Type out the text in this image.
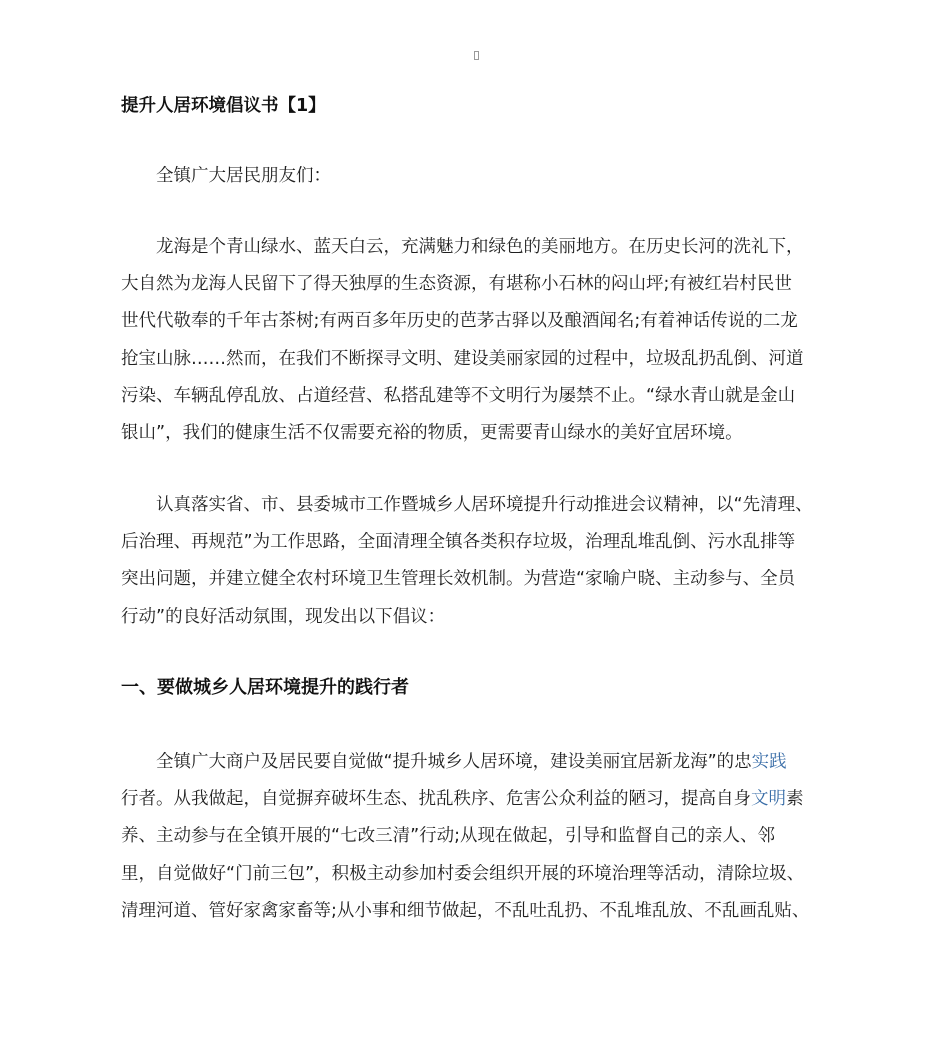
提升人居环境倡议书【1】
全镇广大居民朋友们：
龙海是个青山绿水、蓝天白云，充满魅力和绿色的美丽地方。在历史长河的洗礼下，
大自然为龙海人民留下了得天独厚的生态资源，有堪称小石林的闷山坪;有被红岩村民世
世代代敬奉的千年古茶树;有两百多年历史的芭茅古驿以及酿酒闻名;有着神话传说的二龙
抢宝山脉……然而，在我们不断探寻文明、建设美丽家园的过程中，垃圾乱扔乱倒、河道
污染、车辆乱停乱放、占道经营、私搭乱建等不文明行为屡禁不止。“绿水青山就是金山
银山”，我们的健康生活不仅需要充裕的物质，更需要青山绿水的美好宜居环境。
认真落实省、市、县委城市工作暨城乡人居环境提升行动推进会议精神，以“先清理、
后治理、再规范”为工作思路，全面清理全镇各类积存垃圾，治理乱堆乱倒、污水乱排等
突出问题，并建立健全农村环境卫生管理长效机制。为营造“家喻户晓、主动参与、全员
行动”的良好活动氛围，现发出以下倡议：
一、要做城乡人居环境提升的践行者
全镇广大商户及居民要自觉做“提升城乡人居环境，建设美丽宜居新龙海”的忠实践
行者。从我做起，自觉摒弃破坏生态、扰乱秩序、危害公众利益的陋习，提高自身文明素
养、主动参与在全镇开展的“七改三清”行动;从现在做起，引导和监督自己的亲人、邻
里，自觉做好“门前三包”，积极主动参加村委会组织开展的环境治理等活动，清除垃圾、
清理河道、管好家禽家畜等;从小事和细节做起，不乱吐乱扔、不乱堆乱放、不乱画乱贴、
